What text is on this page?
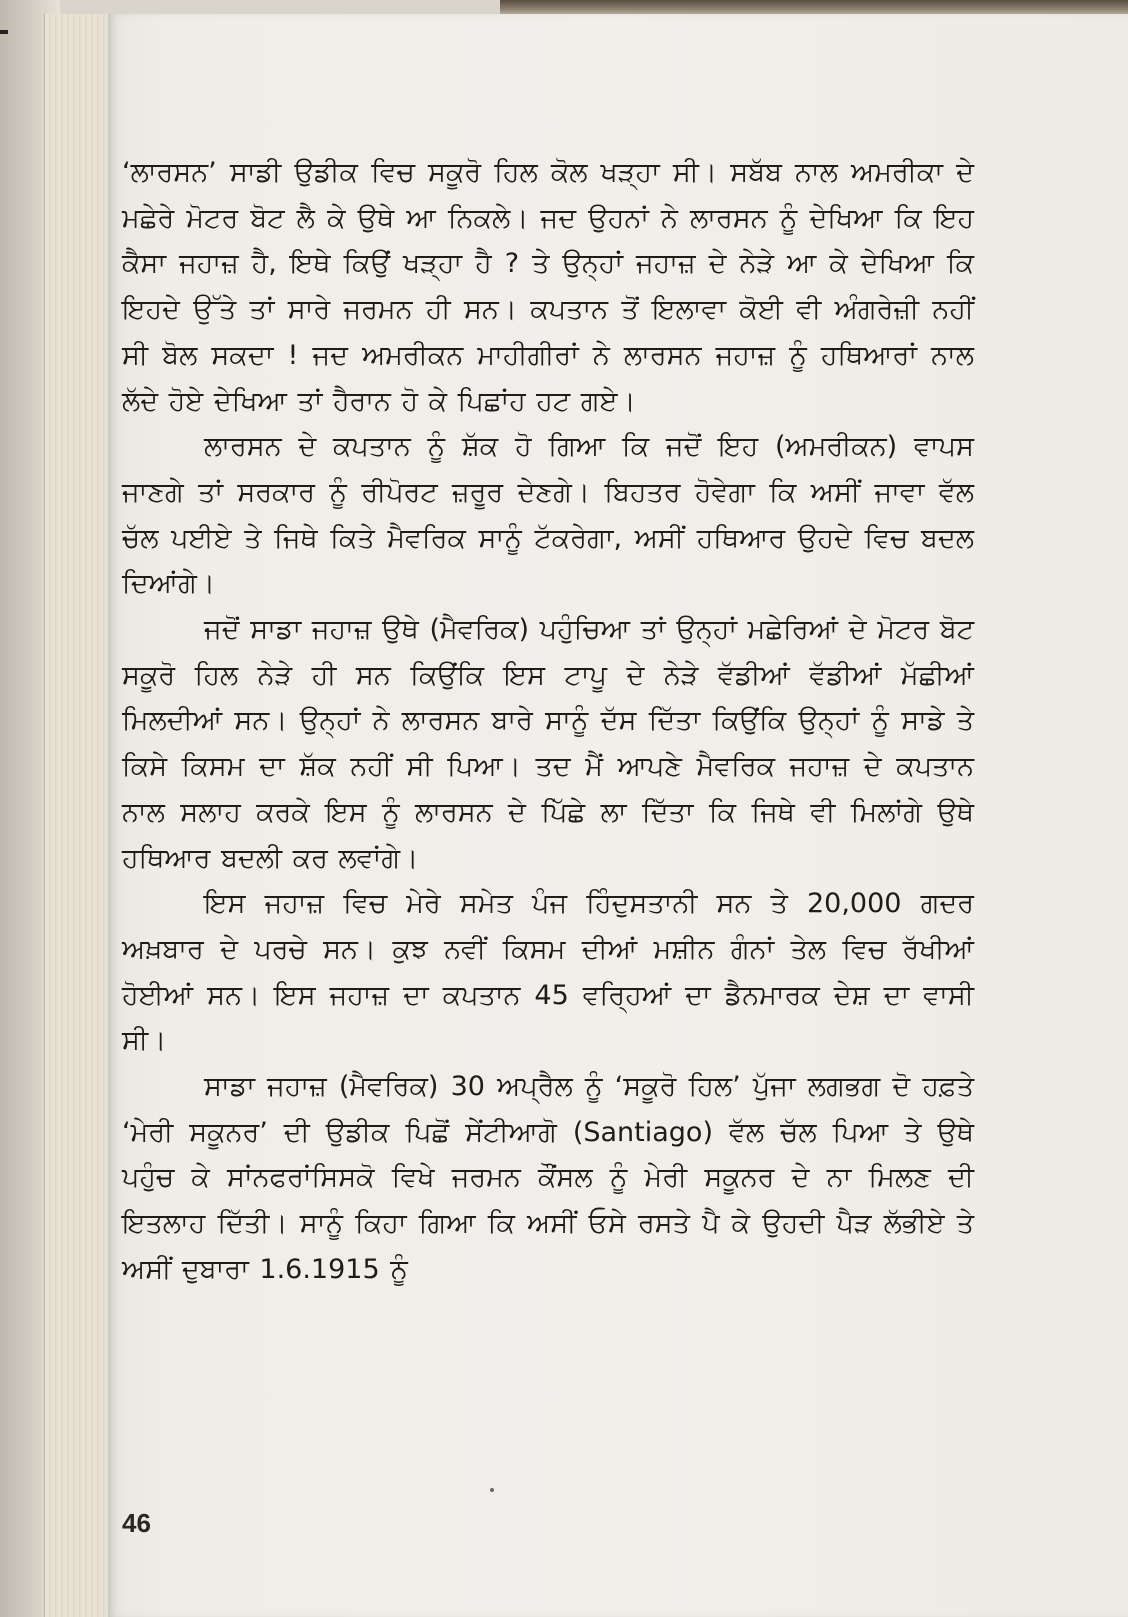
‘ਲਾਰਸਨ’ ਸਾਡੀ ਉਡੀਕ ਵਿਚ ਸਕੂਰੋ ਹਿਲ ਕੋਲ ਖੜ੍ਹਾ ਸੀ। ਸਬੱਬ ਨਾਲ ਅਮਰੀਕਾ ਦੇ ਮਛੇਰੇ ਮੋਟਰ ਬੋਟ ਲੈ ਕੇ ਉਥੇ ਆ ਨਿਕਲੇ। ਜਦ ਉਹਨਾਂ ਨੇ ਲਾਰਸਨ ਨੂੰ ਦੇਖਿਆ ਕਿ ਇਹ ਕੈਸਾ ਜਹਾਜ਼ ਹੈ, ਇਥੇ ਕਿਉਂ ਖੜ੍ਹਾ ਹੈ ? ਤੇ ਉਨ੍ਹਾਂ ਜਹਾਜ਼ ਦੇ ਨੇੜੇ ਆ ਕੇ ਦੇਖਿਆ ਕਿ ਇਹਦੇ ਉੱਤੇ ਤਾਂ ਸਾਰੇ ਜਰਮਨ ਹੀ ਸਨ। ਕਪਤਾਨ ਤੋਂ ਇਲਾਵਾ ਕੋਈ ਵੀ ਅੰਗਰੇਜ਼ੀ ਨਹੀਂ ਸੀ ਬੋਲ ਸਕਦਾ ! ਜਦ ਅਮਰੀਕਨ ਮਾਹੀਗੀਰਾਂ ਨੇ ਲਾਰਸਨ ਜਹਾਜ਼ ਨੂੰ ਹਥਿਆਰਾਂ ਨਾਲ ਲੱਦੇ ਹੋਏ ਦੇਖਿਆ ਤਾਂ ਹੈਰਾਨ ਹੋ ਕੇ ਪਿਛਾਂਹ ਹਟ ਗਏ।

ਲਾਰਸਨ ਦੇ ਕਪਤਾਨ ਨੂੰ ਸ਼ੱਕ ਹੋ ਗਿਆ ਕਿ ਜਦੋਂ ਇਹ (ਅਮਰੀਕਨ) ਵਾਪਸ ਜਾਣਗੇ ਤਾਂ ਸਰਕਾਰ ਨੂੰ ਰੀਪੋਰਟ ਜ਼ਰੂਰ ਦੇਣਗੇ। ਬਿਹਤਰ ਹੋਵੇਗਾ ਕਿ ਅਸੀਂ ਜਾਵਾ ਵੱਲ ਚੱਲ ਪਈਏ ਤੇ ਜਿਥੇ ਕਿਤੇ ਮੈਵਰਿਕ ਸਾਨੂੰ ਟੱਕਰੇਗਾ, ਅਸੀਂ ਹਥਿਆਰ ਉਹਦੇ ਵਿਚ ਬਦਲ ਦਿਆਂਗੇ।

ਜਦੋਂ ਸਾਡਾ ਜਹਾਜ਼ ਉਥੇ (ਮੈਵਰਿਕ) ਪਹੁੰਚਿਆ ਤਾਂ ਉਨ੍ਹਾਂ ਮਛੇਰਿਆਂ ਦੇ ਮੋਟਰ ਬੋਟ ਸਕੂਰੋ ਹਿਲ ਨੇੜੇ ਹੀ ਸਨ ਕਿਉਂਕਿ ਇਸ ਟਾਪੂ ਦੇ ਨੇੜੇ ਵੱਡੀਆਂ ਵੱਡੀਆਂ ਮੱਛੀਆਂ ਮਿਲਦੀਆਂ ਸਨ। ਉਨ੍ਹਾਂ ਨੇ ਲਾਰਸਨ ਬਾਰੇ ਸਾਨੂੰ ਦੱਸ ਦਿੱਤਾ ਕਿਉਂਕਿ ਉਨ੍ਹਾਂ ਨੂੰ ਸਾਡੇ ਤੇ ਕਿਸੇ ਕਿਸਮ ਦਾ ਸ਼ੱਕ ਨਹੀਂ ਸੀ ਪਿਆ। ਤਦ ਮੈਂ ਆਪਣੇ ਮੈਵਰਿਕ ਜਹਾਜ਼ ਦੇ ਕਪਤਾਨ ਨਾਲ ਸਲਾਹ ਕਰਕੇ ਇਸ ਨੂੰ ਲਾਰਸਨ ਦੇ ਪਿੱਛੇ ਲਾ ਦਿੱਤਾ ਕਿ ਜਿਥੇ ਵੀ ਮਿਲਾਂਗੇ ਉਥੇ ਹਥਿਆਰ ਬਦਲੀ ਕਰ ਲਵਾਂਗੇ।

ਇਸ ਜਹਾਜ਼ ਵਿਚ ਮੇਰੇ ਸਮੇਤ ਪੰਜ ਹਿੰਦੁਸਤਾਨੀ ਸਨ ਤੇ 20,000 ਗਦਰ ਅਖ਼ਬਾਰ ਦੇ ਪਰਚੇ ਸਨ। ਕੁਝ ਨਵੀਂ ਕਿਸਮ ਦੀਆਂ ਮਸ਼ੀਨ ਗੰਨਾਂ ਤੇਲ ਵਿਚ ਰੱਖੀਆਂ ਹੋਈਆਂ ਸਨ। ਇਸ ਜਹਾਜ਼ ਦਾ ਕਪਤਾਨ 45 ਵਰ੍ਹਿਆਂ ਦਾ ਡੈਨਮਾਰਕ ਦੇਸ਼ ਦਾ ਵਾਸੀ ਸੀ।

ਸਾਡਾ ਜਹਾਜ਼ (ਮੈਵਰਿਕ) 30 ਅਪ੍ਰੈਲ ਨੂੰ ‘ਸਕੂਰੋ ਹਿਲ’ ਪੁੱਜਾ ਲਗਭਗ ਦੋ ਹਫ਼ਤੇ ‘ਮੇਰੀ ਸਕੂਨਰ’ ਦੀ ਉਡੀਕ ਪਿਛੋਂ ਸੇਂਟੀਆਗੋ (Santiago) ਵੱਲ ਚੱਲ ਪਿਆ ਤੇ ਉਥੇ ਪਹੁੰਚ ਕੇ ਸਾਂਨਫਰਾਂਸਿਸਕੋ ਵਿਖੇ ਜਰਮਨ ਕੌਂਸਲ ਨੂੰ ਮੇਰੀ ਸਕੂਨਰ ਦੇ ਨਾ ਮਿਲਣ ਦੀ ਇਤਲਾਹ ਦਿੱਤੀ। ਸਾਨੂੰ ਕਿਹਾ ਗਿਆ ਕਿ ਅਸੀਂ ਓਸੇ ਰਸਤੇ ਪੈ ਕੇ ਉਹਦੀ ਪੈੜ ਲੱਭੀਏ ਤੇ ਅਸੀਂ ਦੁਬਾਰਾ 1.6.1915 ਨੂੰ

46
